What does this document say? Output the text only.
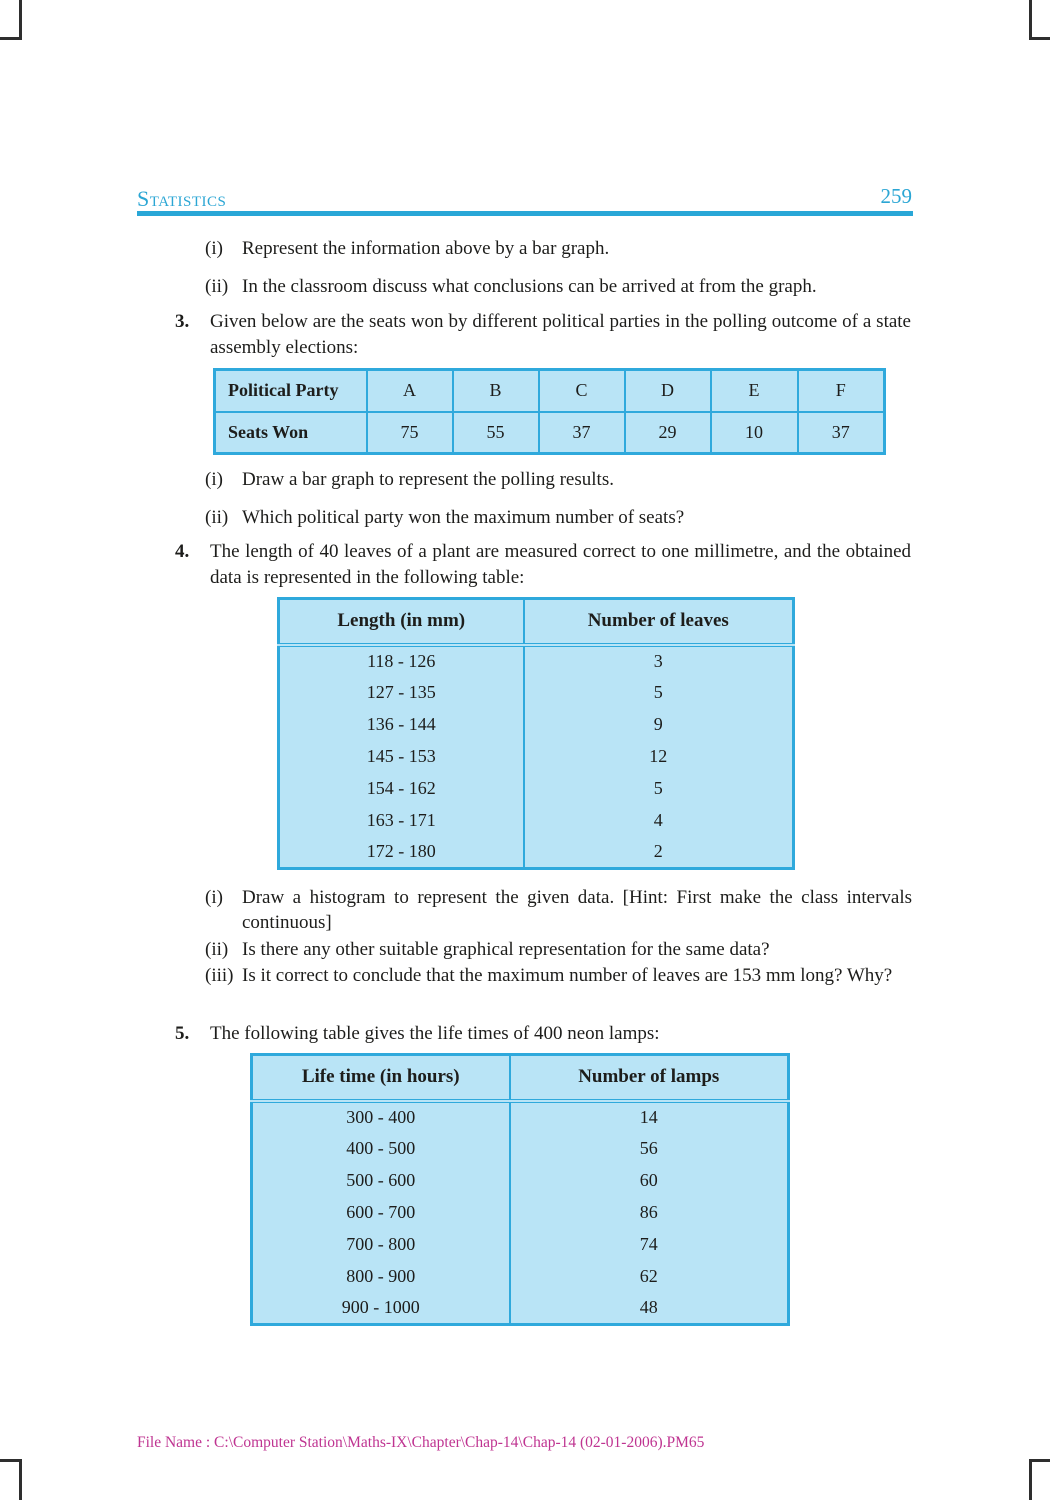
Statistics	259
(i) Represent the information above by a bar graph.
(ii) In the classroom discuss what conclusions can be arrived at from the graph.
3. Given below are the seats won by different political parties in the polling outcome of a state assembly elections:
Political Party	A	B	C	D	E	F
Seats Won	75	55	37	29	10	37
(i) Draw a bar graph to represent the polling results.
(ii) Which political party won the maximum number of seats?
4. The length of 40 leaves of a plant are measured correct to one millimetre, and the obtained data is represented in the following table:
Length (in mm)	Number of leaves
118 - 126	3
127 - 135	5
136 - 144	9
145 - 153	12
154 - 162	5
163 - 171	4
172 - 180	2
(i) Draw a histogram to represent the given data. [Hint: First make the class intervals continuous]
(ii) Is there any other suitable graphical representation for the same data?
(iii) Is it correct to conclude that the maximum number of leaves are 153 mm long? Why?
5. The following table gives the life times of 400 neon lamps:
Life time (in hours)	Number of lamps
300 - 400	14
400 - 500	56
500 - 600	60
600 - 700	86
700 - 800	74
800 - 900	62
900 - 1000	48
File Name : C:\Computer Station\Maths-IX\Chapter\Chap-14\Chap-14 (02-01-2006).PM65
